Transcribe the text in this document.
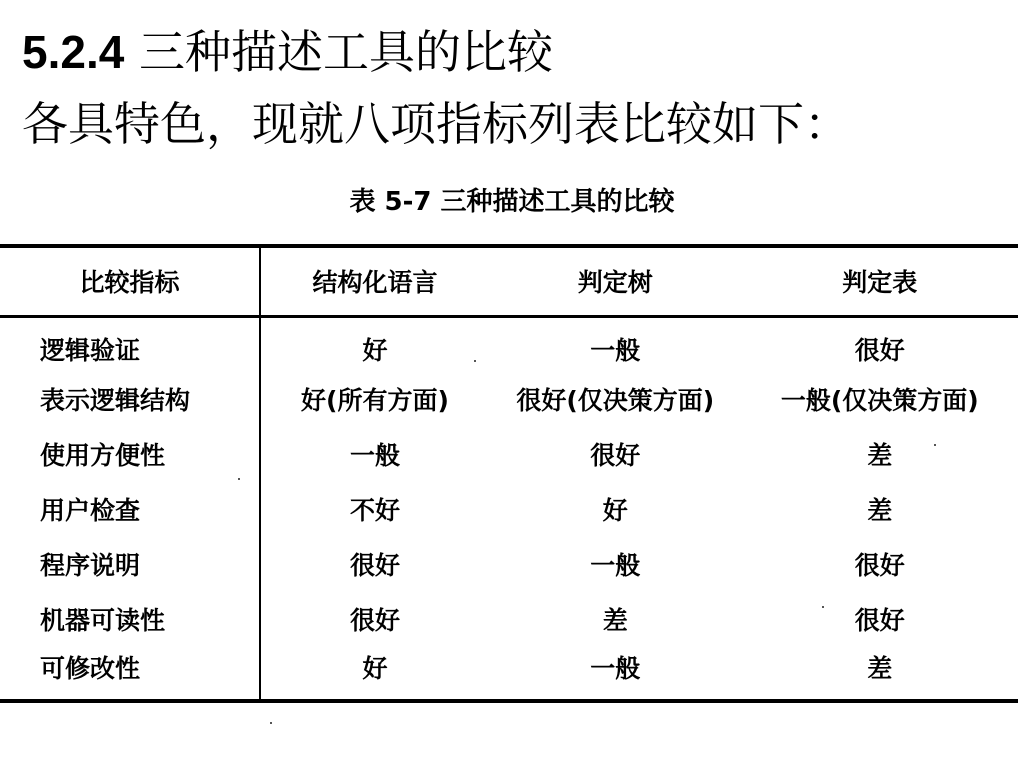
5.2.4 三种描述工具的比较
各具特色，现就八项指标列表比较如下：
表 5-7 三种描述工具的比较
比较指标	结构化语言	判定树	判定表
逻辑验证	好	一般	很好
表示逻辑结构	好(所有方面)	很好(仅决策方面)	一般(仅决策方面)
使用方便性	一般	很好	差
用户检查	不好	好	差
程序说明	很好	一般	很好
机器可读性	很好	差	很好
可修改性	好	一般	差
